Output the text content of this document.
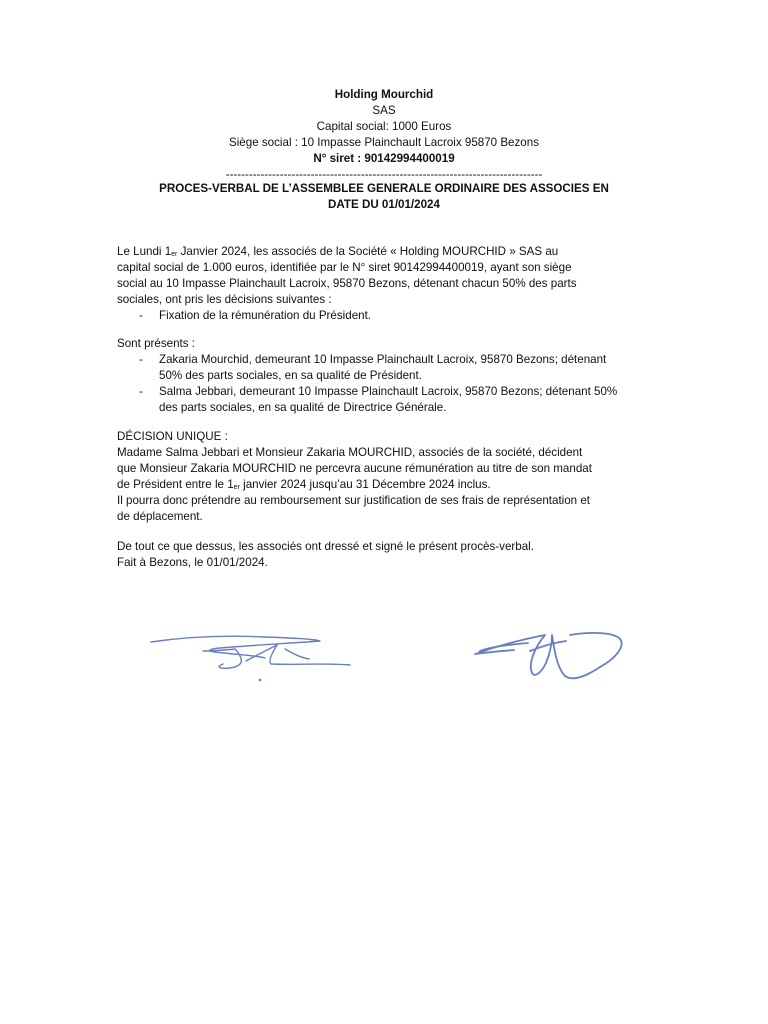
Holding Mourchid
SAS
Capital social: 1000 Euros
Siège social : 10 Impasse Plainchault Lacroix 95870 Bezons
N° siret : 90142994400019
----------------------------------------------------------------------------------
PROCES-VERBAL DE L’ASSEMBLEE GENERALE ORDINAIRE DES ASSOCIES EN
DATE DU 01/01/2024
Le Lundi 1er Janvier 2024, les associés de la Société « Holding MOURCHID » SAS au
capital social de 1.000 euros, identifiée par le N° siret 90142994400019, ayant son siège
social au 10 Impasse Plainchault Lacroix, 95870 Bezons, détenant chacun 50% des parts
sociales, ont pris les décisions suivantes :
- Fixation de la rémunération du Président.
Sont présents :
- Zakaria Mourchid, demeurant 10 Impasse Plainchault Lacroix, 95870 Bezons; détenant
50% des parts sociales, en sa qualité de Président.
- Salma Jebbari, demeurant 10 Impasse Plainchault Lacroix, 95870 Bezons; détenant 50%
des parts sociales, en sa qualité de Directrice Générale.
DÉCISION UNIQUE :
Madame Salma Jebbari et Monsieur Zakaria MOURCHID, associés de la société, décident
que Monsieur Zakaria MOURCHID ne percevra aucune rémunération au titre de son mandat
de Président entre le 1er janvier 2024 jusqu’au 31 Décembre 2024 inclus.
Il pourra donc prétendre au remboursement sur justification de ses frais de représentation et
de déplacement.
De tout ce que dessus, les associés ont dressé et signé le présent procès-verbal.
Fait à Bezons, le 01/01/2024.
